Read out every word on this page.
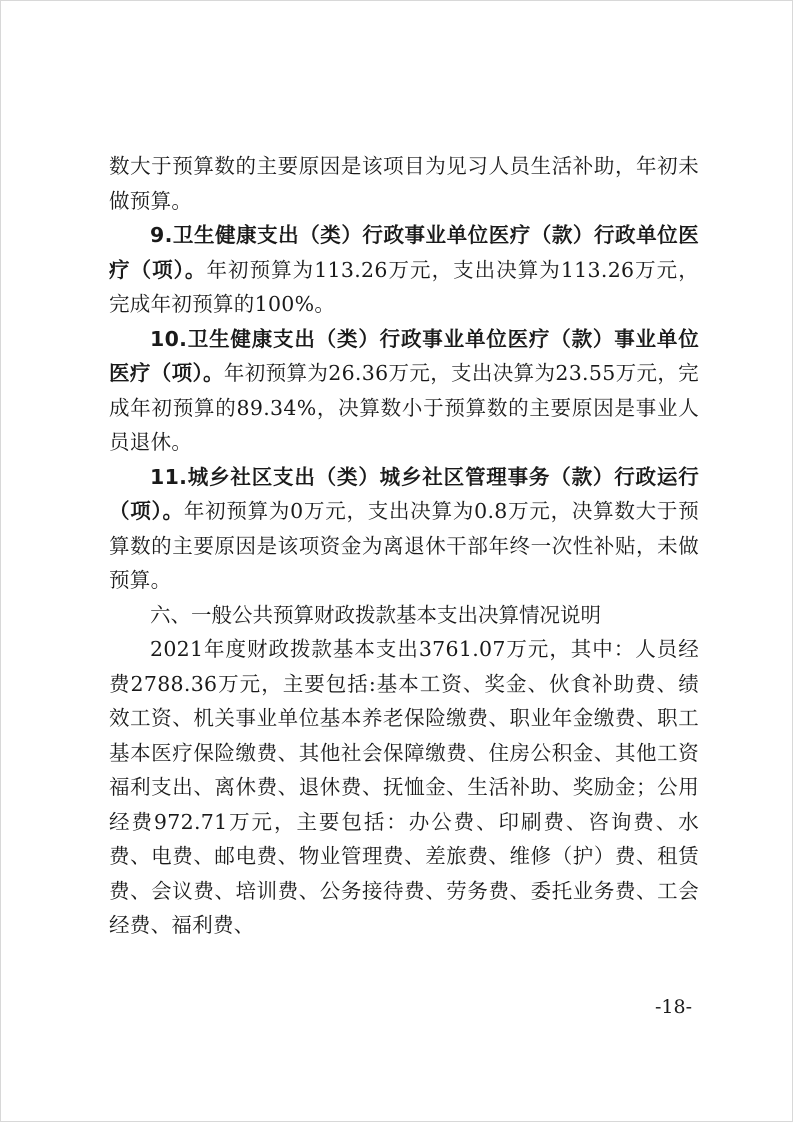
数大于预算数的主要原因是该项目为见习人员生活补助，年初未做预算。

9.卫生健康支出（类）行政事业单位医疗（款）行政单位医疗（项）。年初预算为113.26万元，支出决算为113.26万元，完成年初预算的100%。

10.卫生健康支出（类）行政事业单位医疗（款）事业单位医疗（项）。年初预算为26.36万元，支出决算为23.55万元，完成年初预算的89.34%，决算数小于预算数的主要原因是事业人员退休。

11.城乡社区支出（类）城乡社区管理事务（款）行政运行（项）。年初预算为0万元，支出决算为0.8万元，决算数大于预算数的主要原因是该项资金为离退休干部年终一次性补贴，未做预算。

六、一般公共预算财政拨款基本支出决算情况说明

2021年度财政拨款基本支出3761.07万元，其中：人员经费2788.36万元，主要包括:基本工资、奖金、伙食补助费、绩效工资、机关事业单位基本养老保险缴费、职业年金缴费、职工基本医疗保险缴费、其他社会保障缴费、住房公积金、其他工资福利支出、离休费、退休费、抚恤金、生活补助、奖励金；公用经费972.71万元，主要包括：办公费、印刷费、咨询费、水费、电费、邮电费、物业管理费、差旅费、维修（护）费、租赁费、会议费、培训费、公务接待费、劳务费、委托业务费、工会经费、福利费、

-18-
